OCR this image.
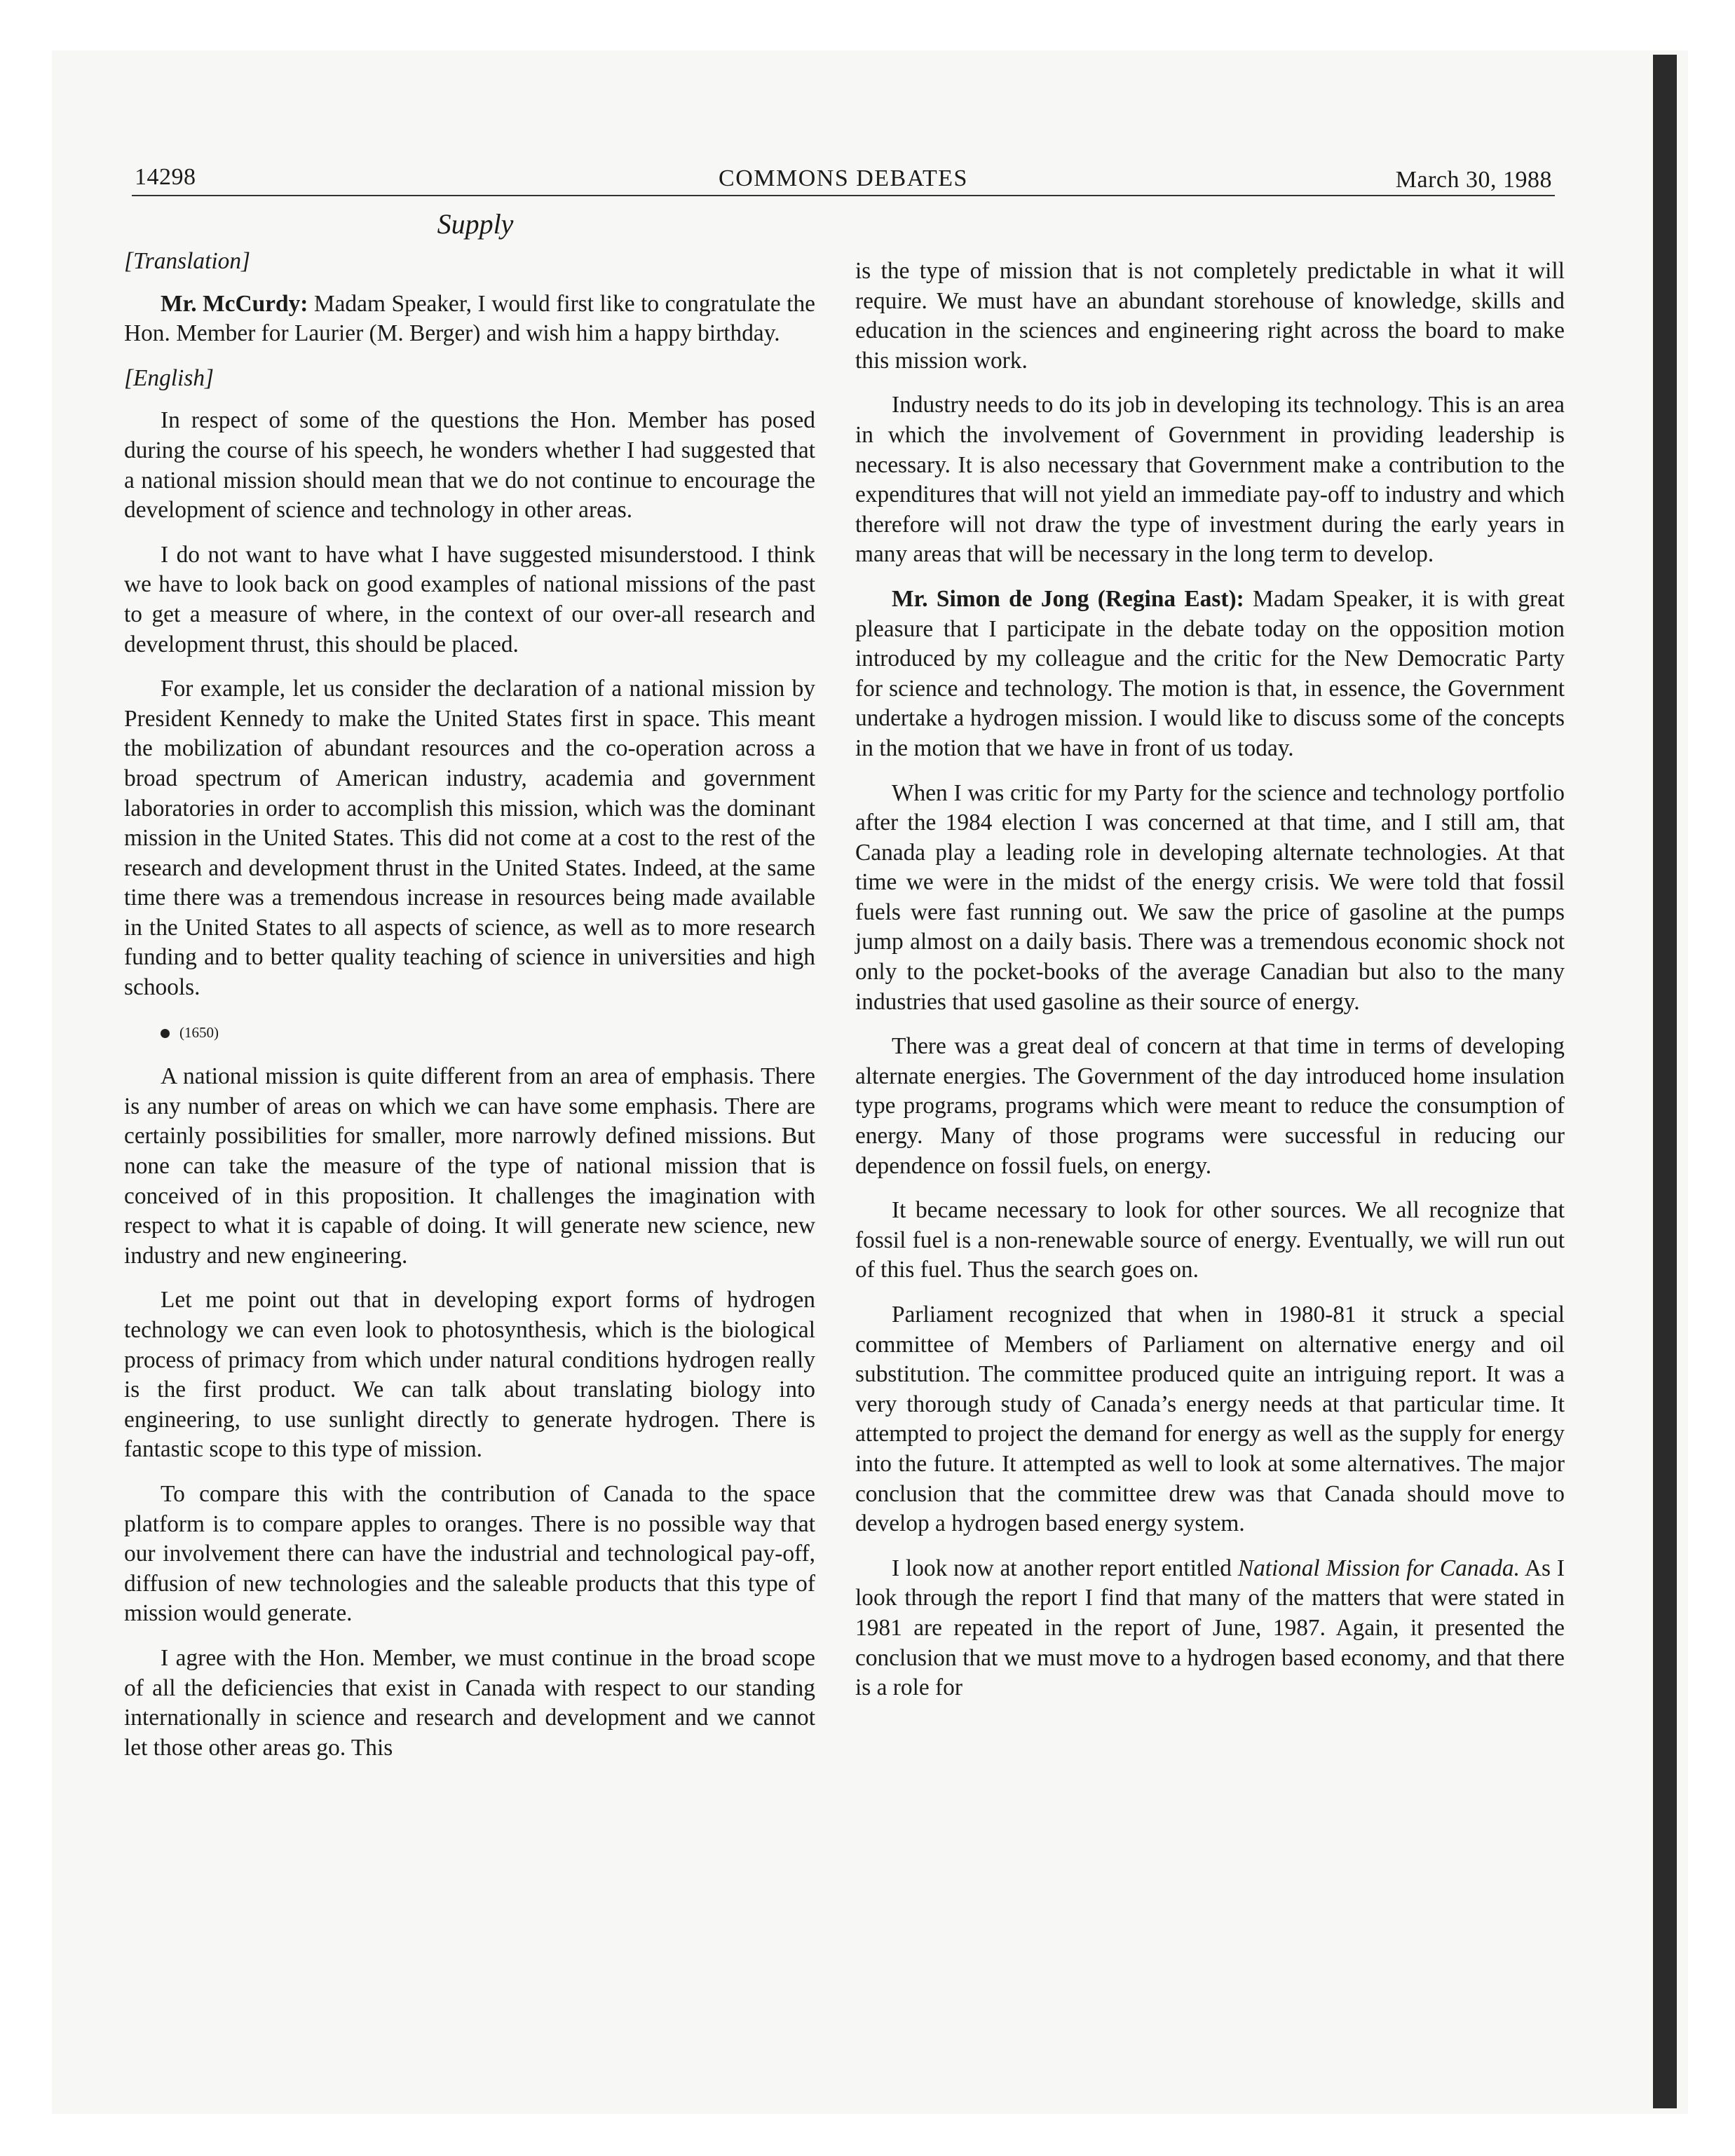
14298	COMMONS DEBATES	March 30, 1988
Supply

[Translation]

Mr. McCurdy: Madam Speaker, I would first like to congratulate the Hon. Member for Laurier (M. Berger) and wish him a happy birthday.

[English]

In respect of some of the questions the Hon. Member has posed during the course of his speech, he wonders whether I had suggested that a national mission should mean that we do not continue to encourage the development of science and technology in other areas.

I do not want to have what I have suggested misunderstood. I think we have to look back on good examples of national missions of the past to get a measure of where, in the context of our over-all research and development thrust, this should be placed.

For example, let us consider the declaration of a national mission by President Kennedy to make the United States first in space. This meant the mobilization of abundant resources and the co-operation across a broad spectrum of American industry, academia and government laboratories in order to accomplish this mission, which was the dominant mission in the United States. This did not come at a cost to the rest of the research and development thrust in the United States. Indeed, at the same time there was a tremendous increase in resources being made available in the United States to all aspects of science, as well as to more research funding and to better quality teaching of science in universities and high schools.

(1650)

A national mission is quite different from an area of emphasis. There is any number of areas on which we can have some emphasis. There are certainly possibilities for smaller, more narrowly defined missions. But none can take the measure of the type of national mission that is conceived of in this proposition. It challenges the imagination with respect to what it is capable of doing. It will generate new science, new industry and new engineering.

Let me point out that in developing export forms of hydrogen technology we can even look to photosynthesis, which is the biological process of primacy from which under natural conditions hydrogen really is the first product. We can talk about translating biology into engineering, to use sunlight directly to generate hydrogen. There is fantastic scope to this type of mission.

To compare this with the contribution of Canada to the space platform is to compare apples to oranges. There is no possible way that our involvement there can have the industrial and technological pay-off, diffusion of new technologies and the saleable products that this type of mission would generate.

I agree with the Hon. Member, we must continue in the broad scope of all the deficiencies that exist in Canada with respect to our standing internationally in science and research and development and we cannot let those other areas go. This

is the type of mission that is not completely predictable in what it will require. We must have an abundant storehouse of knowledge, skills and education in the sciences and engineering right across the board to make this mission work.

Industry needs to do its job in developing its technology. This is an area in which the involvement of Government in providing leadership is necessary. It is also necessary that Government make a contribution to the expenditures that will not yield an immediate pay-off to industry and which therefore will not draw the type of investment during the early years in many areas that will be necessary in the long term to develop.

Mr. Simon de Jong (Regina East): Madam Speaker, it is with great pleasure that I participate in the debate today on the opposition motion introduced by my colleague and the critic for the New Democratic Party for science and technology. The motion is that, in essence, the Government undertake a hydrogen mission. I would like to discuss some of the concepts in the motion that we have in front of us today.

When I was critic for my Party for the science and technology portfolio after the 1984 election I was concerned at that time, and I still am, that Canada play a leading role in developing alternate technologies. At that time we were in the midst of the energy crisis. We were told that fossil fuels were fast running out. We saw the price of gasoline at the pumps jump almost on a daily basis. There was a tremendous economic shock not only to the pocket-books of the average Canadian but also to the many industries that used gasoline as their source of energy.

There was a great deal of concern at that time in terms of developing alternate energies. The Government of the day introduced home insulation type programs, programs which were meant to reduce the consumption of energy. Many of those programs were successful in reducing our dependence on fossil fuels, on energy.

It became necessary to look for other sources. We all recognize that fossil fuel is a non-renewable source of energy. Eventually, we will run out of this fuel. Thus the search goes on.

Parliament recognized that when in 1980-81 it struck a special committee of Members of Parliament on alternative energy and oil substitution. The committee produced quite an intriguing report. It was a very thorough study of Canada’s energy needs at that particular time. It attempted to project the demand for energy as well as the supply for energy into the future. It attempted as well to look at some alternatives. The major conclusion that the committee drew was that Canada should move to develop a hydrogen based energy system.

I look now at another report entitled National Mission for Canada. As I look through the report I find that many of the matters that were stated in 1981 are repeated in the report of June, 1987. Again, it presented the conclusion that we must move to a hydrogen based economy, and that there is a role for
